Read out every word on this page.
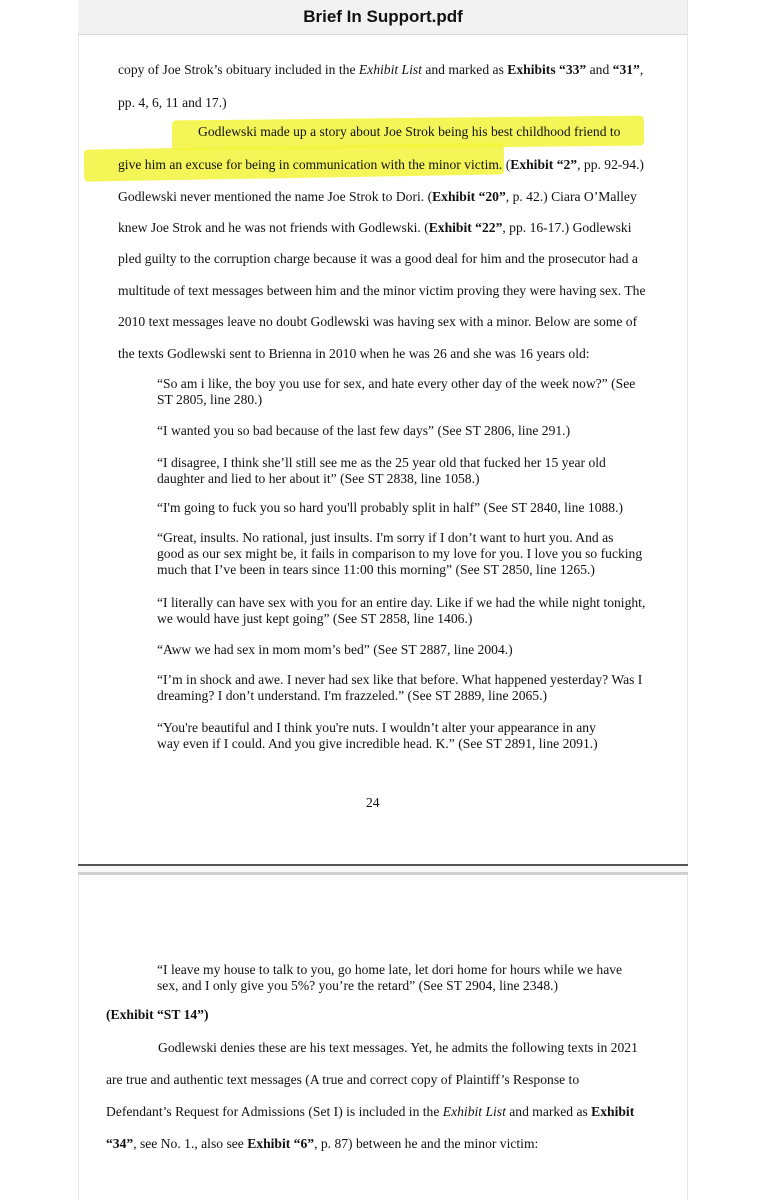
Brief In Support.pdf
copy of Joe Strok’s obituary included in the Exhibit List and marked as Exhibits “33” and “31”,
pp. 4, 6, 11 and 17.)
Godlewski made up a story about Joe Strok being his best childhood friend to
give him an excuse for being in communication with the minor victim. (Exhibit “2”, pp. 92-94.)
Godlewski never mentioned the name Joe Strok to Dori. (Exhibit “20”, p. 42.) Ciara O’Malley
knew Joe Strok and he was not friends with Godlewski. (Exhibit “22”, pp. 16-17.) Godlewski
pled guilty to the corruption charge because it was a good deal for him and the prosecutor had a
multitude of text messages between him and the minor victim proving they were having sex. The
2010 text messages leave no doubt Godlewski was having sex with a minor. Below are some of
the texts Godlewski sent to Brienna in 2010 when he was 26 and she was 16 years old:
“So am i like, the boy you use for sex, and hate every other day of the week now?” (See
ST 2805, line 280.)
“I wanted you so bad because of the last few days” (See ST 2806, line 291.)
“I disagree, I think she’ll still see me as the 25 year old that fucked her 15 year old
daughter and lied to her about it” (See ST 2838, line 1058.)
“I'm going to fuck you so hard you'll probably split in half” (See ST 2840, line 1088.)
“Great, insults. No rational, just insults. I'm sorry if I don’t want to hurt you. And as
good as our sex might be, it fails in comparison to my love for you. I love you so fucking
much that I’ve been in tears since 11:00 this morning” (See ST 2850, line 1265.)
“I literally can have sex with you for an entire day. Like if we had the while night tonight,
we would have just kept going” (See ST 2858, line 1406.)
“Aww we had sex in mom mom’s bed” (See ST 2887, line 2004.)
“I’m in shock and awe. I never had sex like that before. What happened yesterday? Was I
dreaming? I don’t understand. I'm frazzeled.” (See ST 2889, line 2065.)
“You're beautiful and I think you're nuts. I wouldn’t alter your appearance in any
way even if I could. And you give incredible head. K.” (See ST 2891, line 2091.)
24
“I leave my house to talk to you, go home late, let dori home for hours while we have
sex, and I only give you 5%? you’re the retard” (See ST 2904, line 2348.)
(Exhibit “ST 14”)
Godlewski denies these are his text messages. Yet, he admits the following texts in 2021
are true and authentic text messages (A true and correct copy of Plaintiff’s Response to
Defendant’s Request for Admissions (Set I) is included in the Exhibit List and marked as Exhibit
“34”, see No. 1., also see Exhibit “6”, p. 87) between he and the minor victim:
